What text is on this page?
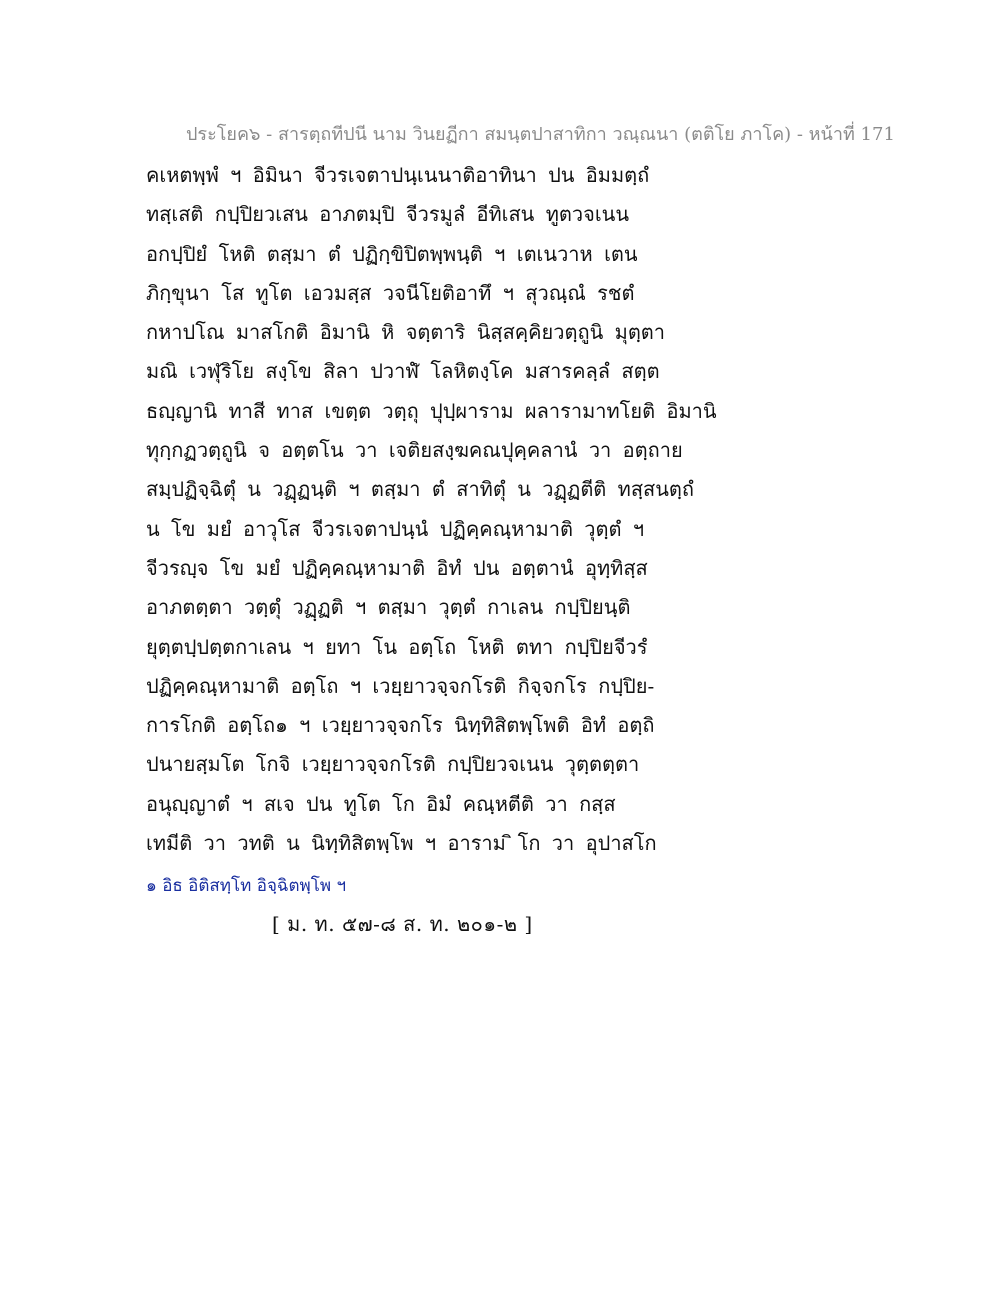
ประโยค๖ - สารตฺถทีปนี นาม วินยฏีกา สมนฺตปาสาทิกา วณฺณนา (ตติโย ภาโค) - หน้าที่ 171
คเหตพฺพํ ฯ อิมินา จีวรเจตาปนฺเนนาติอาทินา ปน อิมมตฺถํ
ทสฺเสติ กปฺปิยวเสน อาภตมฺปิ จีวรมูลํ อีทิเสน ทูตวจเนน
อกปฺปิยํ โหติ ตสฺมา ตํ ปฏิกฺขิปิตพฺพนฺติ ฯ เตเนวาห เตน
ภิกฺขุนา โส ทูโต เอวมสฺส วจนีโยติอาทึ ฯ สุวณฺณํ รชตํ
กหาปโณ มาสโกติ อิมานิ หิ จตฺตาริ นิสฺสคฺคิยวตฺถูนิ มุตฺตา
มณิ เวฬุริโย สงฺโข สิลา ปวาฬํ โลหิตงฺโค มสารคลฺลํ สตฺต
ธญฺญานิ ทาสี ทาส เขตฺต วตฺถุ ปุปฺผาราม ผลารามาทโยติ อิมานิ
ทุกฺกฏวตฺถูนิ จ อตฺตโน วา เจติยสงฺฆคณปุคฺคลานํ วา อตฺถาย
สมฺปฏิจฺฉิตุํ น วฏฺฏนฺติ ฯ ตสฺมา ตํ สาทิตุํ น วฏฺฏตีติ ทสฺสนตฺถํ
น โข มยํ อาวุโส จีวรเจตาปนฺนํ ปฏิคฺคณฺหามาติ วุตฺตํ ฯ
จีวรญฺจ โข มยํ ปฏิคฺคณฺหามาติ อิทํ ปน อตฺตานํ อุทฺทิสฺส
อาภตตฺตา วตฺตุํ วฏฺฏติ ฯ ตสฺมา วุตฺตํ กาเลน กปฺปิยนฺติ
ยุตฺตปฺปตฺตกาเลน ฯ ยทา โน อตฺโถ โหติ ตทา กปฺปิยจีวรํ
ปฏิคฺคณฺหามาติ อตฺโถ ฯ เวยฺยาวจฺจกโรติ กิจฺจกโร กปฺปิย-
การโกติ อตฺโถ๑ ฯ เวยฺยาวจฺจกโร นิทฺทิสิตพฺโพติ อิทํ อตฺถิ
ปนายสฺมโต โกจิ เวยฺยาวจฺจกโรติ กปฺปิยวจเนน วุตฺตตฺตา
อนุญฺญาตํ ฯ สเจ ปน ทูโต โก อิมํ คณฺหตีติ วา กสฺส
เทมีติ วา วทติ น นิทฺทิสิตพฺโพ ฯ อาราม ิโก วา อุปาสโก
๑ อิธ อิติสทฺโท อิจฺฉิตพฺโพ ฯ
[ ม. ท. ๕๗-๘ ส. ท. ๒๐๑-๒ ]
